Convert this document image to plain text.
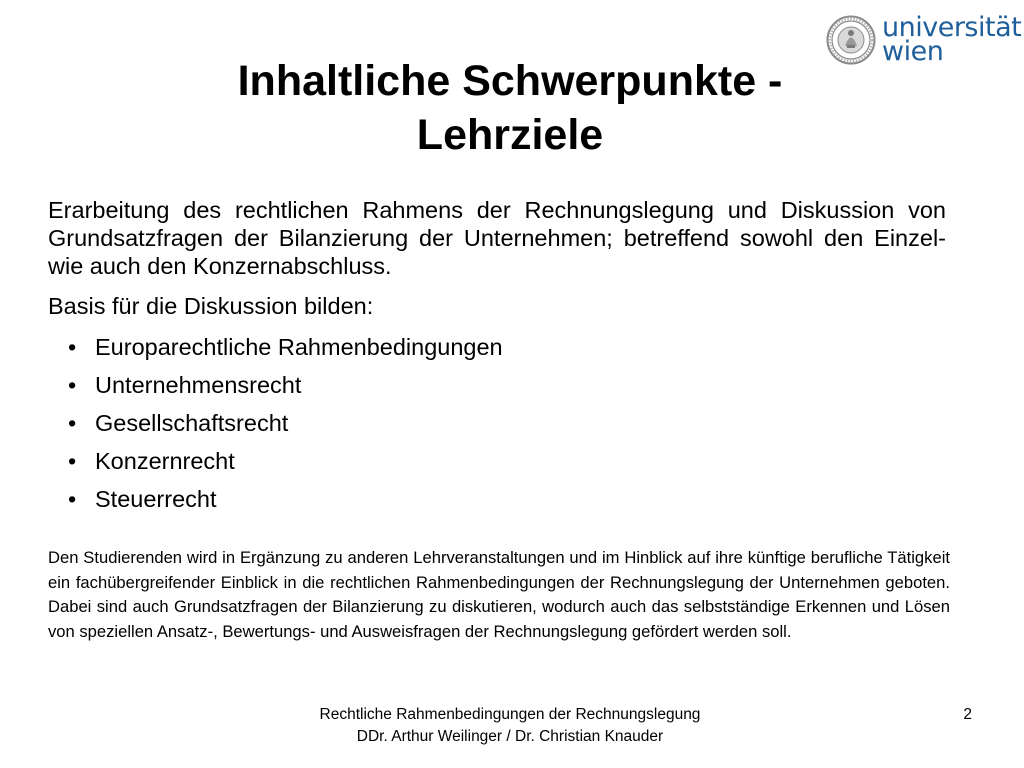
universität
wien
Inhaltliche Schwerpunkte -
Lehrziele

Erarbeitung des rechtlichen Rahmens der Rechnungslegung und Diskussion von Grundsatzfragen der Bilanzierung der Unternehmen; betreffend sowohl den Einzel- wie auch den Konzernabschluss.

Basis für die Diskussion bilden:

• Europarechtliche Rahmenbedingungen
• Unternehmensrecht
• Gesellschaftsrecht
• Konzernrecht
• Steuerrecht

Den Studierenden wird in Ergänzung zu anderen Lehrveranstaltungen und im Hinblick auf ihre künftige berufliche Tätigkeit ein fachübergreifender Einblick in die rechtlichen Rahmenbedingungen der Rechnungslegung der Unternehmen geboten. Dabei sind auch Grundsatzfragen der Bilanzierung zu diskutieren, wodurch auch das selbstständige Erkennen und Lösen von speziellen Ansatz-, Bewertungs- und Ausweisfragen der Rechnungslegung gefördert werden soll.

Rechtliche Rahmenbedingungen der Rechnungslegung
DDr. Arthur Weilinger / Dr. Christian Knauder
2
